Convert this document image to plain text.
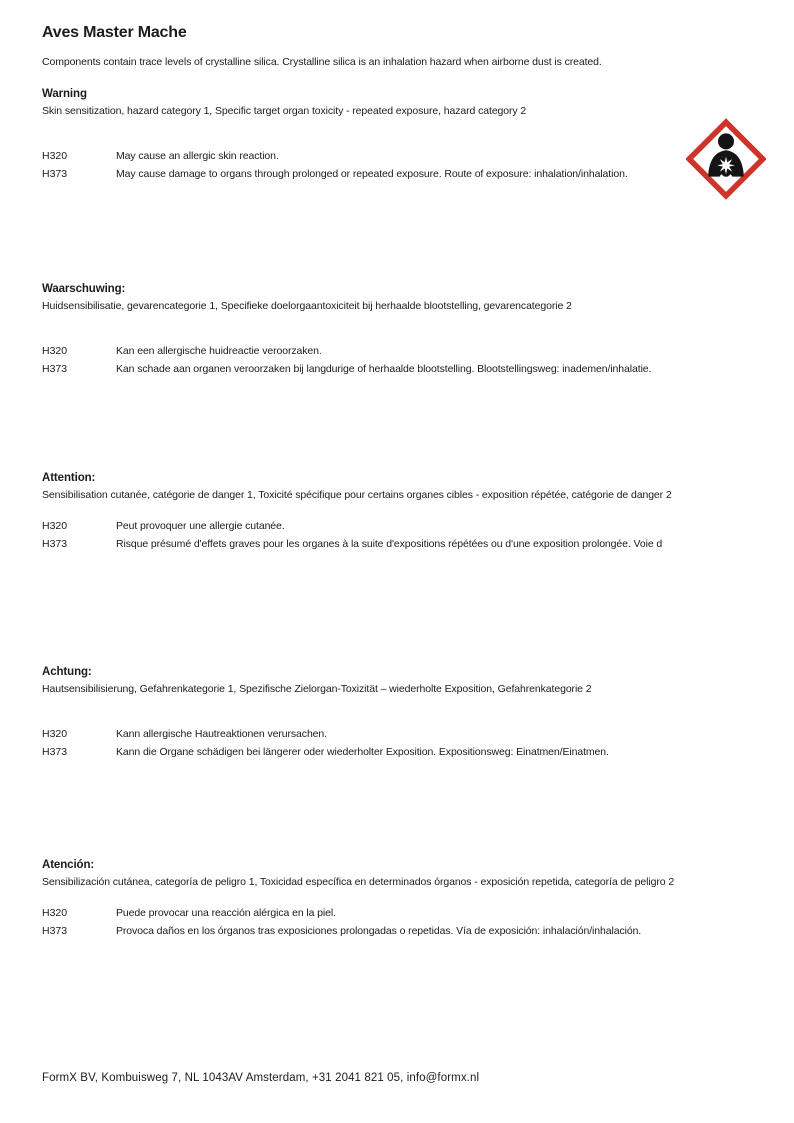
Aves Master Mache
Components contain trace levels of crystalline silica. Crystalline silica is an inhalation hazard when airborne dust is created.
Warning
Skin sensitization, hazard category 1, Specific target organ toxicity - repeated exposure, hazard category 2
H320	May cause an allergic skin reaction.
H373	May cause damage to organs through prolonged or repeated exposure. Route of exposure: inhalation/inhalation.
Waarschuwing:
Huidsensibilisatie, gevarencategorie 1, Specifieke doelorgaantoxiciteit bij herhaalde blootstelling, gevarencategorie 2
H320	Kan een allergische huidreactie veroorzaken.
H373	Kan schade aan organen veroorzaken bij langdurige of herhaalde blootstelling. Blootstellingsweg: inademen/inhalatie.
Attention:
Sensibilisation cutanée, catégorie de danger 1, Toxicité spécifique pour certains organes cibles - exposition répétée, catégorie de danger 2
H320	Peut provoquer une allergie cutanée.
H373	Risque présumé d'effets graves pour les organes à la suite d'expositions répétées ou d'une exposition prolongée. Voie d
Achtung:
Hautsensibilisierung, Gefahrenkategorie 1, Spezifische Zielorgan-Toxizität – wiederholte Exposition, Gefahrenkategorie 2
H320	Kann allergische Hautreaktionen verursachen.
H373	Kann die Organe schädigen bei längerer oder wiederholter Exposition. Expositionsweg: Einatmen/Einatmen.
Atención:
Sensibilización cutánea, categoría de peligro 1, Toxicidad específica en determinados órganos - exposición repetida, categoría de peligro 2
H320	Puede provocar una reacción alérgica en la piel.
H373	Provoca daños en los órganos tras exposiciones prolongadas o repetidas. Vía de exposición: inhalación/inhalación.
FormX BV, Kombuisweg 7, NL 1043AV Amsterdam, +31 2041 821 05, info@formx.nl
